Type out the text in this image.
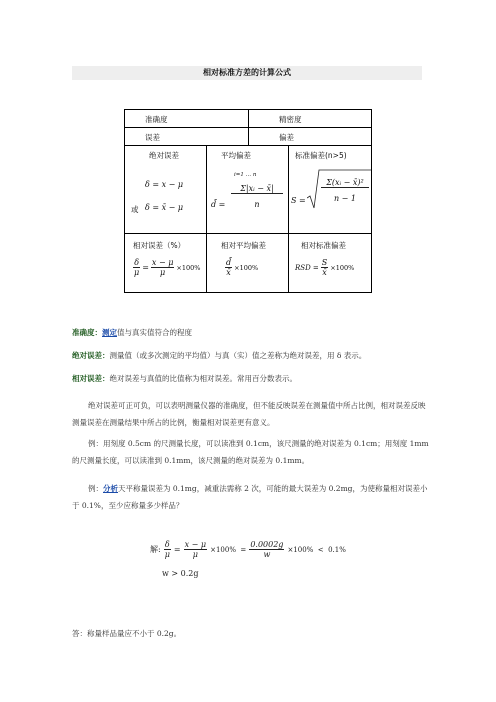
相对标准方差的计算公式
准确度	精密度
误差	偏差
绝对误差
δ = x − μ
或 δ = x̄ − μ
平均偏差
d̄ =
i=1 … n
Σ|xᵢ − x̄|
n
标准偏差(n>5)
S =
Σ(xᵢ − x̄)²
n − 1
相对误差（%）
$\frac{\delta}{\mu} = \frac{x - \mu}{\mu} \times 100\%$
相对平均偏差
$\frac{d̄}{x̄} \times 100\%$
相对标准偏差
RSD = $\frac{S}{x̄} \times 100\%$
准确度：测定值与真实值符合的程度
绝对误差：测量值（或多次测定的平均值）与真（实）值之差称为绝对误差，用 δ 表示。
相对误差：绝对误差与真值的比值称为相对误差。常用百分数表示。
绝对误差可正可负，可以表明测量仪器的准确度，但不能反映误差在测量值中所占比例，相对误差反映测量误差在测量结果中所占的比例，衡量相对误差更有意义。
例：用刻度 0.5cm 的尺测量长度，可以读准到 0.1cm，该尺测量的绝对误差为 0.1cm；用刻度 1mm 的尺测量长度，可以读准到 0.1mm，该尺测量的绝对误差为 0.1mm。
例：分析天平称量误差为 0.1mg，减重法需称 2 次，可能的最大误差为 0.2mg，为使称量相对误差小于 0.1%，至少应称量多少样品？
解: $\frac{\delta}{\mu} = \frac{x - \mu}{\mu} \times 100\% = \frac{0.0002g}{w} \times 100\% < 0.1\%$
w > 0.2g
答：称量样品量应不小于 0.2g。
